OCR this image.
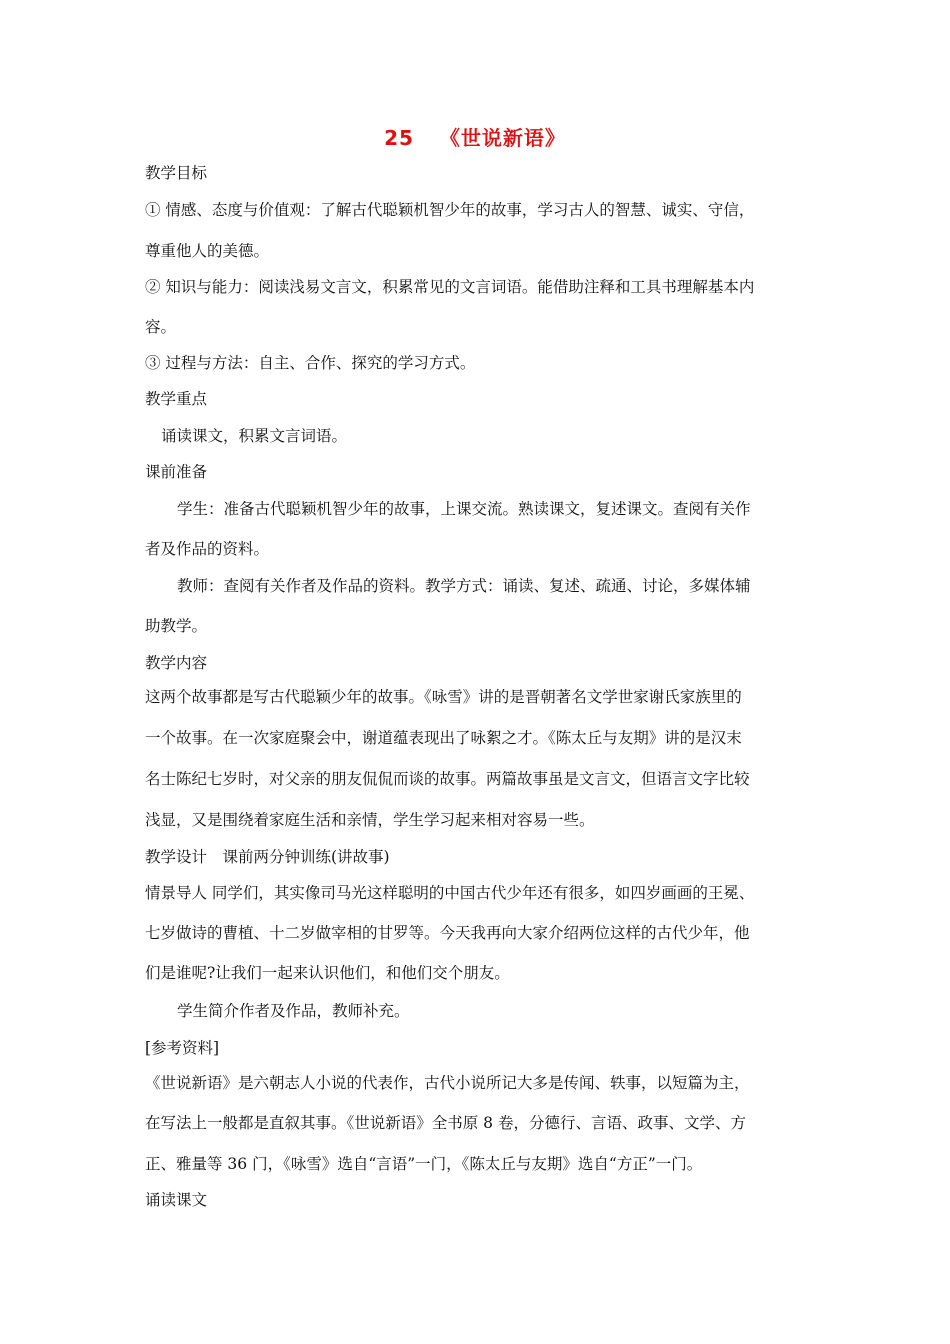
25 《世说新语》
教学目标
① 情感、态度与价值观：了解古代聪颖机智少年的故事，学习古人的智慧、诚实、守信，
尊重他人的美德。
② 知识与能力：阅读浅易文言文，积累常见的文言词语。能借助注释和工具书理解基本内
容。
③ 过程与方法：自主、合作、探究的学习方式。
教学重点
诵读课文，积累文言词语。
课前准备
学生：准备古代聪颖机智少年的故事，上课交流。熟读课文，复述课文。查阅有关作
者及作品的资料。
教师：查阅有关作者及作品的资料。教学方式：诵读、复述、疏通、讨论，多媒体辅
助教学。
教学内容
这两个故事都是写古代聪颖少年的故事。《咏雪》讲的是晋朝著名文学世家谢氏家族里的
一个故事。在一次家庭聚会中，谢道蕴表现出了咏絮之才。《陈太丘与友期》讲的是汉末
名士陈纪七岁时，对父亲的朋友侃侃而谈的故事。两篇故事虽是文言文，但语言文字比较
浅显，又是围绕着家庭生活和亲情，学生学习起来相对容易一些。
教学设计　课前两分钟训练(讲故事)
情景导人 同学们，其实像司马光这样聪明的中国古代少年还有很多，如四岁画画的王冕、
七岁做诗的曹植、十二岁做宰相的甘罗等。今天我再向大家介绍两位这样的古代少年，他
们是谁呢?让我们一起来认识他们，和他们交个朋友。
学生简介作者及作品，教师补充。
[参考资料]
《世说新语》是六朝志人小说的代表作，古代小说所记大多是传闻、轶事，以短篇为主，
在写法上一般都是直叙其事。《世说新语》全书原 8 卷，分德行、言语、政事、文学、方
正、雅量等 36 门，《咏雪》选自“言语”一门，《陈太丘与友期》选自“方正”一门。
诵读课文
